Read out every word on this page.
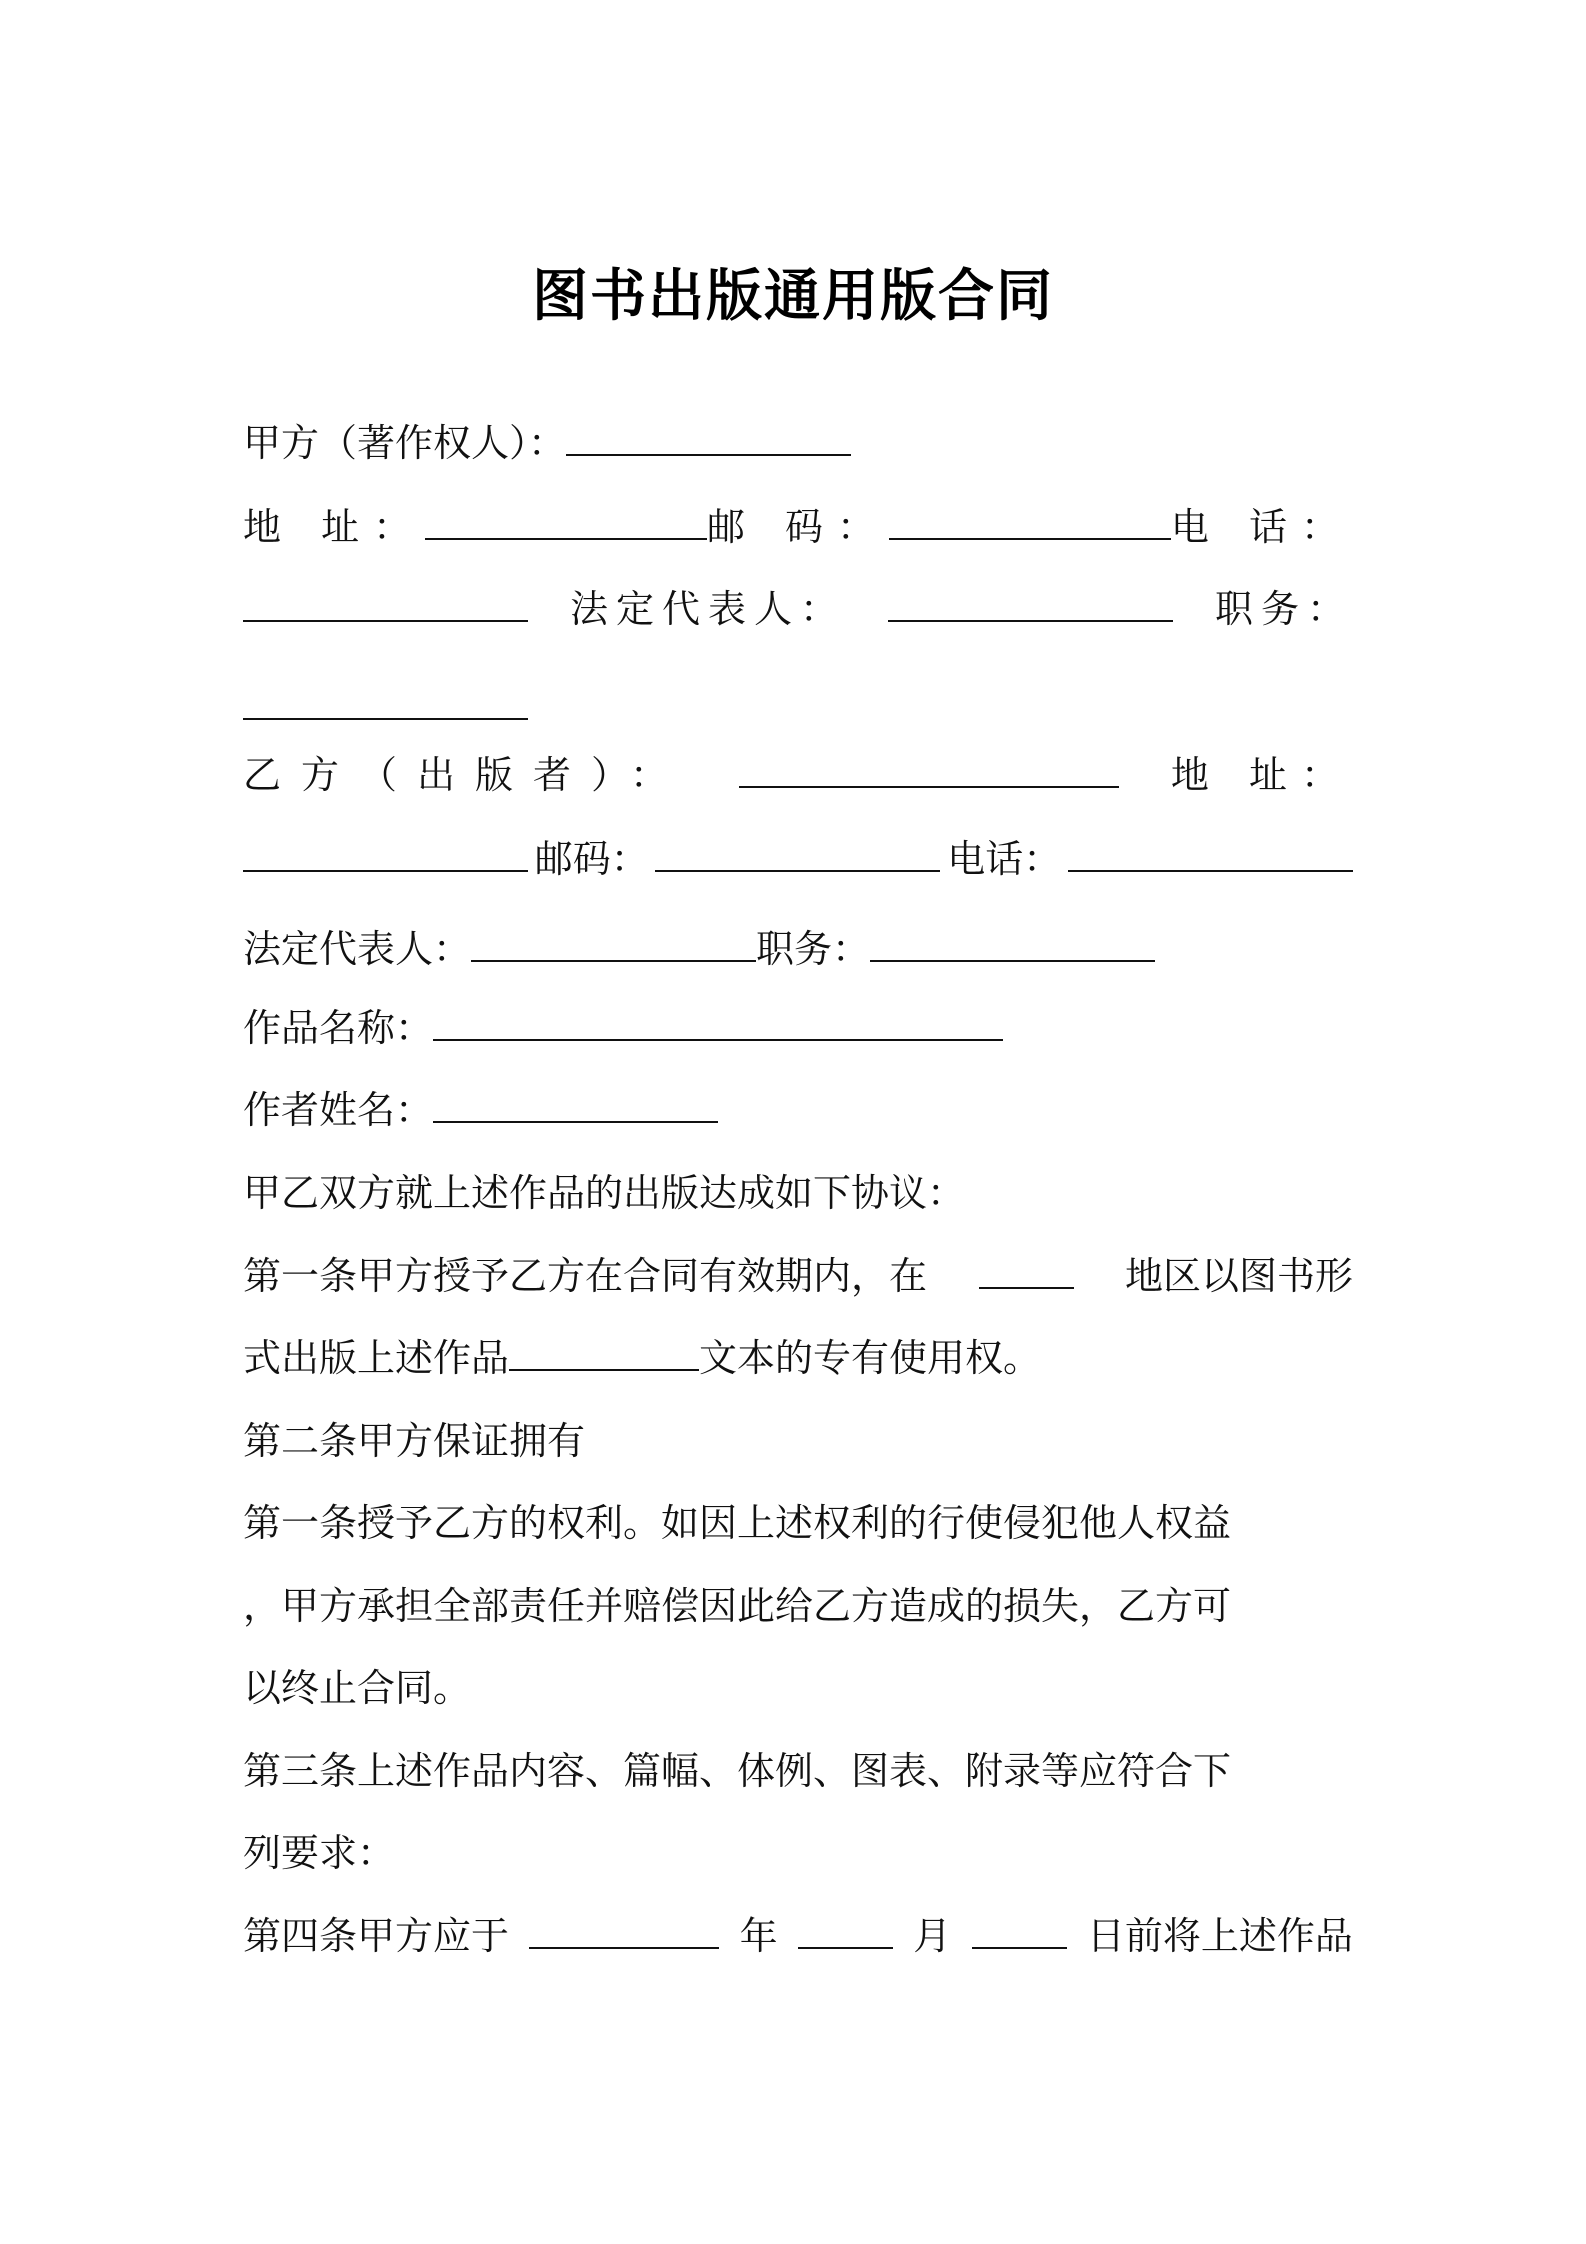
图书出版通用版合同
甲方（著作权人）：
地 址：	邮 码：	电 话：
法定代表人：	职务：
乙方（出版者）：	地 址：
邮码：	电话：
法定代表人：	职务：
作品名称：
作者姓名：
甲乙双方就上述作品的出版达成如下协议：
第一条甲方授予乙方在合同有效期内，在	地区以图书形
式出版上述作品	文本的专有使用权。
第二条甲方保证拥有
第一条授予乙方的权利。如因上述权利的行使侵犯他人权益
，甲方承担全部责任并赔偿因此给乙方造成的损失，乙方可
以终止合同。
第三条上述作品内容、篇幅、体例、图表、附录等应符合下
列要求：
第四条甲方应于	年	月	日前将上述作品
